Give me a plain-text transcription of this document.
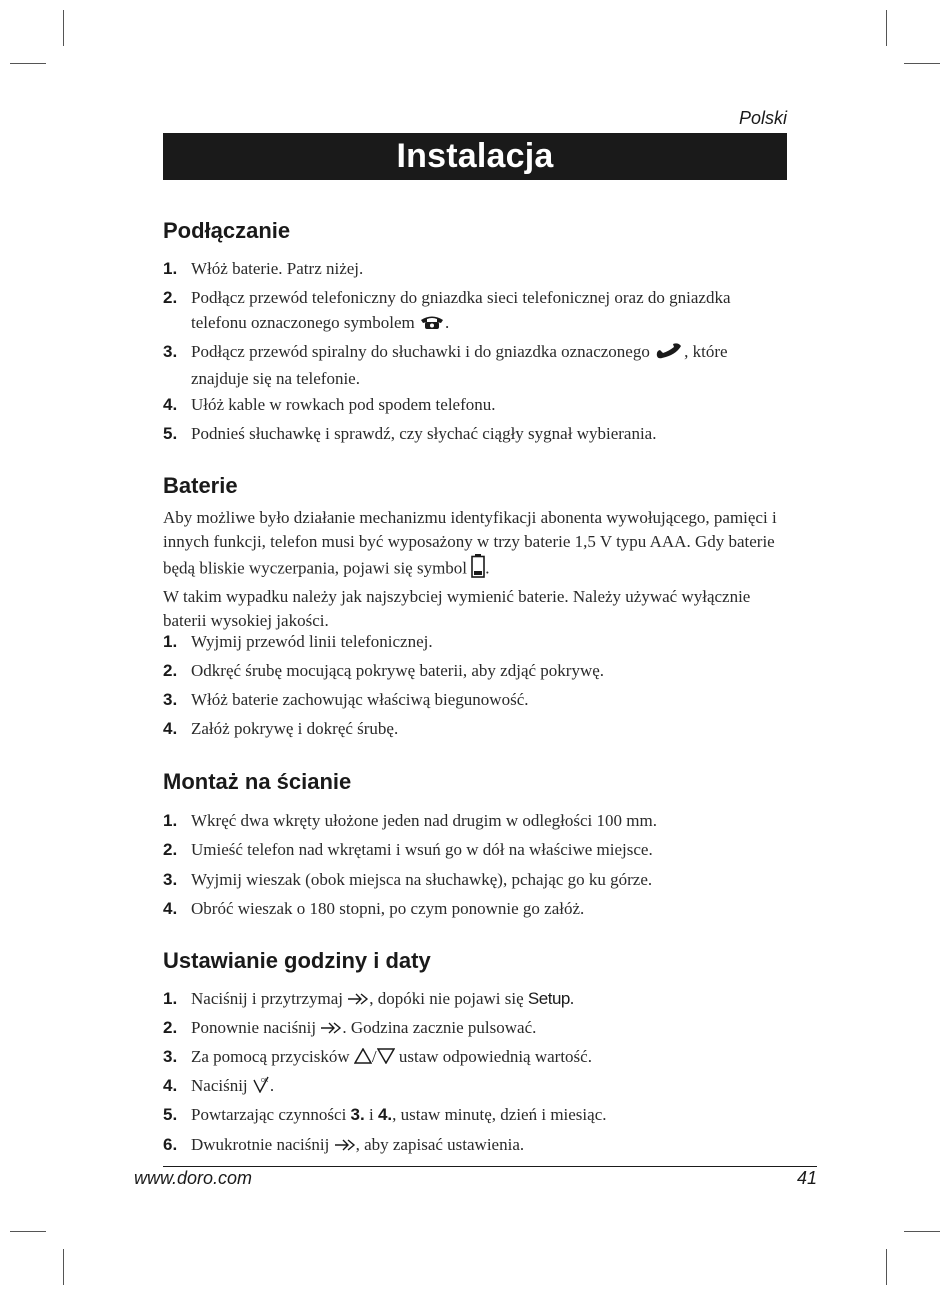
Polski
Instalacja
Podłączanie
1. Włóż baterie. Patrz niżej.
2. Podłącz przewód telefoniczny do gniazdka sieci telefonicznej oraz do gniazdka telefonu oznaczonego symbolem .
3. Podłącz przewód spiralny do słuchawki i do gniazdka oznaczonego , które znajduje się na telefonie.
4. Ułóż kable w rowkach pod spodem telefonu.
5. Podnieś słuchawkę i sprawdź, czy słychać ciągły sygnał wybierania.
Baterie
Aby możliwe było działanie mechanizmu identyfikacji abonenta wywołującego, pamięci i innych funkcji, telefon musi być wyposażony w trzy baterie 1,5 V typu AAA. Gdy baterie będą bliskie wyczerpania, pojawi się symbol .
W takim wypadku należy jak najszybciej wymienić baterie. Należy używać wyłącznie baterii wysokiej jakości.
1. Wyjmij przewód linii telefonicznej.
2. Odkręć śrubę mocującą pokrywę baterii, aby zdjąć pokrywę.
3. Włóż baterie zachowując właściwą biegunowość.
4. Załóż pokrywę i dokręć śrubę.
Montaż na ścianie
1. Wkręć dwa wkręty ułożone jeden nad drugim w odległości 100 mm.
2. Umieść telefon nad wkrętami i wsuń go w dół na właściwe miejsce.
3. Wyjmij wieszak (obok miejsca na słuchawkę), pchając go ku górze.
4. Obróć wieszak o 180 stopni, po czym ponownie go załóż.
Ustawianie godziny i daty
1. Naciśnij i przytrzymaj , dopóki nie pojawi się Setup.
2. Ponownie naciśnij . Godzina zacznie pulsować.
3. Za pomocą przycisków / ustaw odpowiednią wartość.
4. Naciśnij	OK .
5. Powtarzając czynności 3. i 4., ustaw minutę, dzień i miesiąc.
6. Dwukrotnie naciśnij , aby zapisać ustawienia.
www.doro.com	41
